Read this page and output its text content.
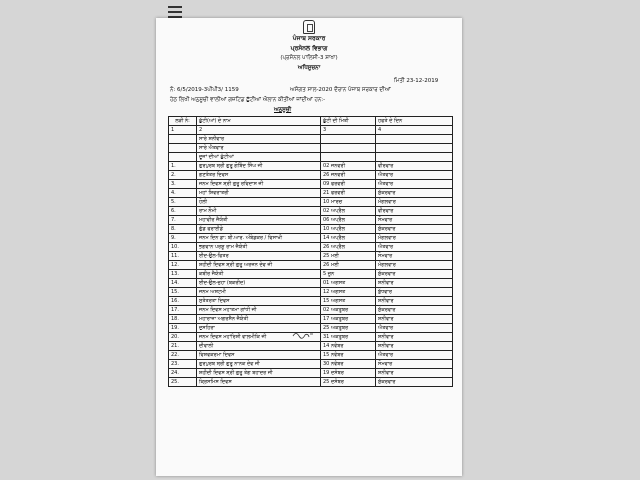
ਪੰਜਾਬ ਸਰਕਾਰ
ਪ੍ਰਸੋਨਲ ਵਿਭਾਗ
(ਪ੍ਰਸੋਨਲ ਪਾਲਿਸੀ-3 ਸ਼ਾਖਾ)
ਅਧਿਸੂਚਨਾ
ਮਿਤੀ 23-12-2019
ਨੰ: 6/5/2019-3ਪੀਪੀ3/ 1159	ਅਸੰਗਤ ਸਾਲ-2020 ਦੌਰਾਨ ਪੰਜਾਬ ਸਰਕਾਰ ਦੀਆਂ
ਹੇਠ ਲਿਖੀ ਅਨੁਸੂਚੀ ਵਾਲੀਆਂ ਗਜ਼ਟਿਡ ਛੁੱਟੀਆਂ ਐਲਾਨ ਕੀਤੀਆਂ ਜਾਂਦੀਆਂ ਹਨ:-
ਅਨੁਸੂਚੀ
ਲੜੀ ਨੰ:	ਛੁੱਟੀ(ਆਂ) ਦੇ ਨਾਮ	ਛੁੱਟੀ ਦੀ ਮਿਤੀ	ਹਫਤੇ ਦੇ ਦਿਨ
1	2	3	4
	ਸਾਰੇ ਸ਼ਨੀਵਾਰ		
	ਸਾਰੇ ਐਤਵਾਰ		
	ਦੂਜਾਂ ਦੀਆਂ ਛੁੱਟੀਆਂ		
1.	ਗੁਰਪੁਰਬ ਸ਼੍ਰੀ ਗੁਰੂ ਗੋਬਿੰਦ ਸਿੰਘ ਜੀ	02 ਜਨਵਰੀ	ਵੀਰਵਾਰ
2.	ਗਣਤੰਤਰ ਦਿਵਸ	26 ਜਨਵਰੀ	ਐਤਵਾਰ
3.	ਜਨਮ ਦਿਵਸ ਸ਼੍ਰੀ ਗੁਰੂ ਰਵਿਦਾਸ ਜੀ	09 ਫਰਵਰੀ	ਐਤਵਾਰ
4.	ਮਹਾਂ ਸ਼ਿਵਰਾਤਰੀ	21 ਫਰਵਰੀ	ਸ਼ੁੱਕਰਵਾਰ
5.	ਹੋਲੀ	10 ਮਾਰਚ	ਮੰਗਲਵਾਰ
6.	ਰਾਮ ਨੌਮੀ	02 ਅਪ੍ਰੈਲ	ਵੀਰਵਾਰ
7.	ਮਹਾਵੀਰ ਜੈਯੰਤੀ	06 ਅਪ੍ਰੈਲ	ਸੋਮਵਾਰ
8.	ਗੁੱਡ ਫਰਾਈਡੇ	10 ਅਪ੍ਰੈਲ	ਸ਼ੁੱਕਰਵਾਰ
9.	ਜਨਮ ਦਿਨ ਡਾ: ਬੀ.ਆਰ. ਅੰਬੇਡਕਰ / ਵਿਸਾਖੀ	14 ਅਪ੍ਰੈਲ	ਮੰਗਲਵਾਰ
10.	ਭਗਵਾਨ ਪਰਸ਼ੂ ਰਾਮ ਜੈਯੰਤੀ	26 ਅਪ੍ਰੈਲ	ਐਤਵਾਰ
11.	ਈਦ-ਉਲ-ਫਿਤਰ	25 ਮਈ	ਸੋਮਵਾਰ
12.	ਸ਼ਹੀਦੀ ਦਿਵਸ ਸ਼੍ਰੀ ਗੁਰੂ ਅਰਜਨ ਦੇਵ ਜੀ	26 ਮਈ	ਮੰਗਲਵਾਰ
13.	ਕਬੀਰ ਜੈਯੰਤੀ	5 ਜੂਨ	ਸ਼ੁੱਕਰਵਾਰ
14.	ਈਦ-ਉਲ-ਜੁਹਾ (ਬਕਰੀਦ)	01 ਅਗਸਤ	ਸ਼ਨੀਵਾਰ
15.	ਜਨਮ ਅਸ਼ਟਮੀ	12 ਅਗਸਤ	ਬੁੱਧਵਾਰ
16.	ਸੁਤੰਤਰਤਾ ਦਿਵਸ	15 ਅਗਸਤ	ਸ਼ਨੀਵਾਰ
17.	ਜਨਮ ਦਿਵਸ ਮਹਾਤਮਾ ਗਾਂਧੀ ਜੀ	02 ਅਕਤੂਬਰ	ਸ਼ੁੱਕਰਵਾਰ
18.	ਮਹਾਰਾਜਾ ਅਗਰਸੈਨ ਜੈਯੰਤੀ	17 ਅਕਤੂਬਰ	ਸ਼ਨੀਵਾਰ
19.	ਦੁਸਹਿਰਾ	25 ਅਕਤੂਬਰ	ਐਤਵਾਰ
20.	ਜਨਮ ਦਿਵਸ ਮਹਾਂਰਿਸ਼ੀ ਵਾਲਮੀਕਿ ਜੀ	31 ਅਕਤੂਬਰ	ਸ਼ਨੀਵਾਰ
21.	ਦੀਵਾਲੀ	14 ਨਵੰਬਰ	ਸ਼ਨੀਵਾਰ
22.	ਵਿਸ਼ਵਕਰਮਾ ਦਿਵਸ	15 ਨਵੰਬਰ	ਐਤਵਾਰ
23.	ਗੁਰਪੁਰਬ ਸ਼੍ਰੀ ਗੁਰੂ ਨਾਨਕ ਦੇਵ ਜੀ	30 ਨਵੰਬਰ	ਸੋਮਵਾਰ
24.	ਸ਼ਹੀਦੀ ਦਿਵਸ ਸ਼੍ਰੀ ਗੁਰੂ ਤੇਗ ਬਹਾਦਰ ਜੀ	19 ਦਸੰਬਰ	ਸ਼ਨੀਵਾਰ
25.	ਕ੍ਰਿਸਮਿਸ ਦਿਵਸ	25 ਦਸੰਬਰ	ਸ਼ੁੱਕਰਵਾਰ
